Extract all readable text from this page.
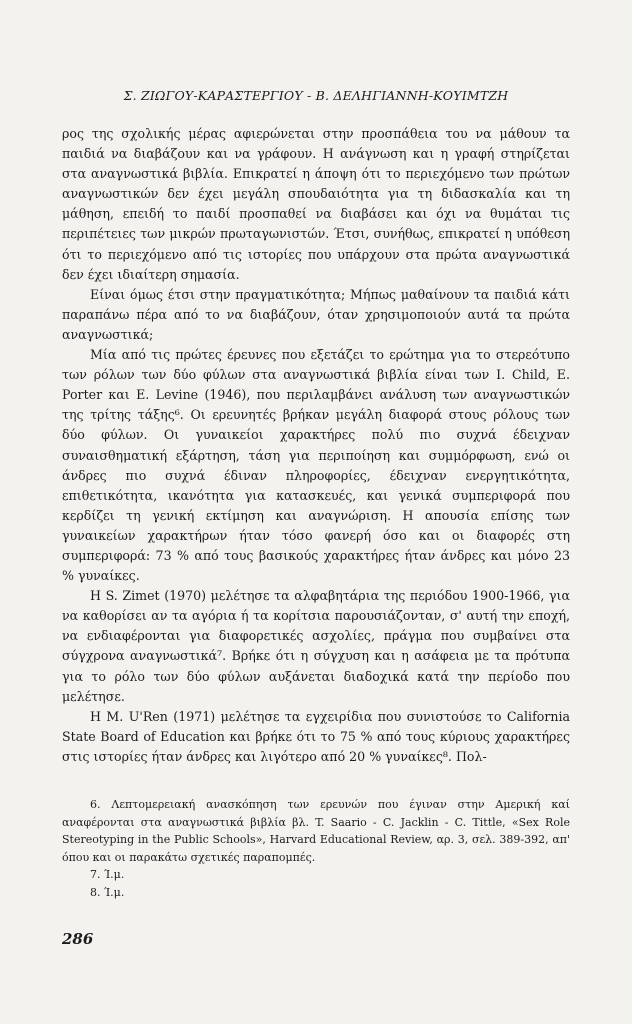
Σ. ΖΙΩΓΟΥ-ΚΑΡΑΣΤΕΡΓΙΟΥ - Β. ΔΕΛΗΓΙΑΝΝΗ-ΚΟΥΙΜΤΖΗ

ρος της σχολικής μέρας αφιερώνεται στην προσπάθεια του να μάθουν τα παιδιά να διαβάζουν και να γράφουν. Η ανάγνωση και η γραφή στηρίζεται στα αναγνωστικά βιβλία. Επικρατεί η άποψη ότι το περιεχόμενο των πρώτων αναγνωστικών δεν έχει μεγάλη σπουδαιότητα για τη διδασκαλία και τη μάθηση, επειδή το παιδί προσπαθεί να διαβάσει και όχι να θυμάται τις περιπέτειες των μικρών πρωταγωνιστών. Έτσι, συνήθως, επικρατεί η υπόθεση ότι το περιεχόμενο από τις ιστορίες που υπάρχουν στα πρώτα αναγνωστικά δεν έχει ιδιαίτερη σημασία.

Είναι όμως έτσι στην πραγματικότητα; Μήπως μαθαίνουν τα παιδιά κάτι παραπάνω πέρα από το να διαβάζουν, όταν χρησιμοποιούν αυτά τα πρώτα αναγνωστικά;

Μία από τις πρώτες έρευνες που εξετάζει το ερώτημα για το στερεότυπο των ρόλων των δύο φύλων στα αναγνωστικά βιβλία είναι των I. Child, E. Porter και E. Levine (1946), που περιλαμβάνει ανάλυση των αναγνωστικών της τρίτης τάξης⁶. Οι ερευνητές βρήκαν μεγάλη διαφορά στους ρόλους των δύο φύλων. Οι γυναικείοι χαρακτήρες πολύ πιο συχνά έδειχναν συναισθηματική εξάρτηση, τάση για περιποίηση και συμμόρφωση, ενώ οι άνδρες πιο συχνά έδιναν πληροφορίες, έδειχναν ενεργητικότητα, επιθετικότητα, ικανότητα για κατασκευές, και γενικά συμπεριφορά που κερδίζει τη γενική εκτίμηση και αναγνώριση. Η απουσία επίσης των γυναικείων χαρακτήρων ήταν τόσο φανερή όσο και οι διαφορές στη συμπεριφορά: 73 % από τους βασικούς χαρακτήρες ήταν άνδρες και μόνο 23 % γυναίκες.

Η S. Zimet (1970) μελέτησε τα αλφαβητάρια της περιόδου 1900-1966, για να καθορίσει αν τα αγόρια ή τα κορίτσια παρουσιάζονταν, σ' αυτή την εποχή, να ενδιαφέρονται για διαφορετικές ασχολίες, πράγμα που συμβαίνει στα σύγχρονα αναγνωστικά⁷. Βρήκε ότι η σύγχυση και η ασάφεια με τα πρότυπα για το ρόλο των δύο φύλων αυξάνεται διαδοχικά κατά την περίοδο που μελέτησε.

Η M. U'Ren (1971) μελέτησε τα εγχειρίδια που συνιστούσε το California State Board of Education και βρήκε ότι το 75 % από τους κύριους χαρακτήρες στις ιστορίες ήταν άνδρες και λιγότερο από 20 % γυναίκες⁸. Πολ-

6. Λεπτομερειακή ανασκόπηση των ερευνών που έγιναν στην Αμερική καί αναφέρονται στα αναγνωστικά βιβλία βλ. T. Saario - C. Jacklin - C. Tittle, «Sex Role Stereotyping in the Public Schools», Harvard Educational Review, αρ. 3, σελ. 389-392, απ' όπου και οι παρακάτω σχετικές παραπομπές.

7. Ί.μ.

8. Ί.μ.

286
